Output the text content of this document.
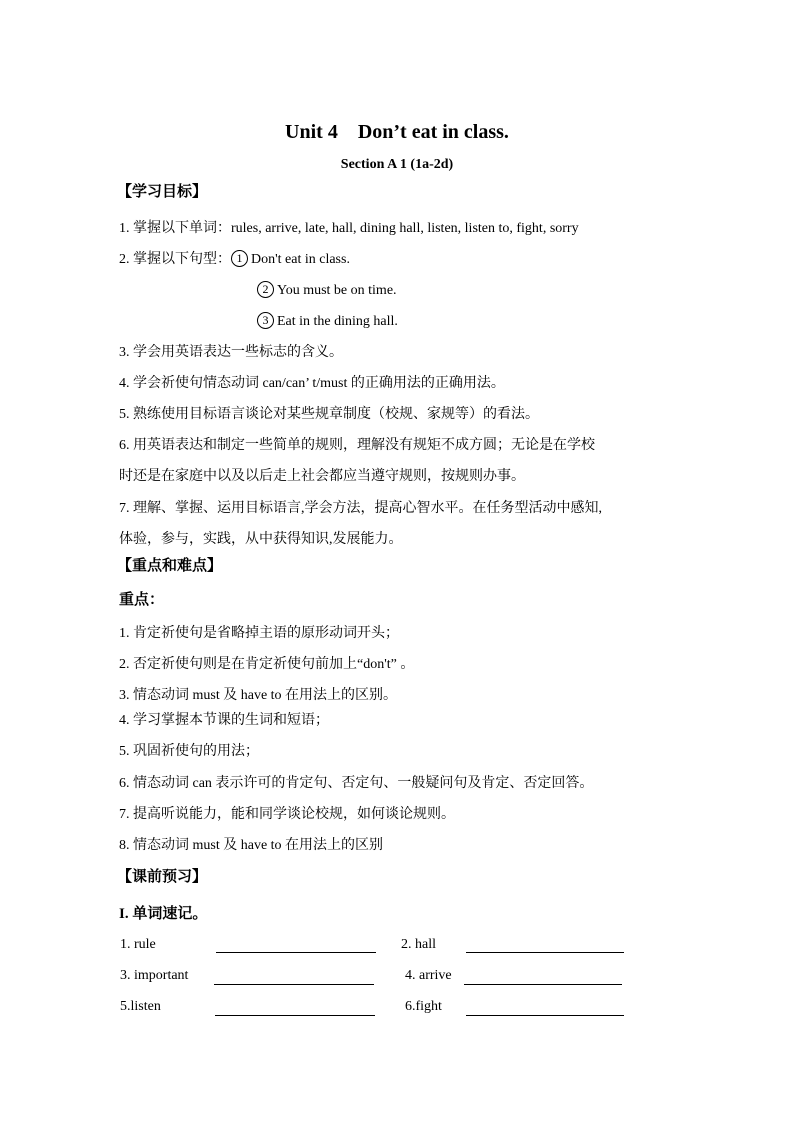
Unit 4    Don’t eat in class.
Section A 1 (1a-2d)
【学习目标】
1. 掌握以下单词：rules, arrive, late, hall, dining hall, listen, listen to, fight, sorry
2. 掌握以下句型： 1 Don't eat in class.
2 You must be on time.
3 Eat in the dining hall.
3. 学会用英语表达一些标志的含义。
4. 学会祈使句情态动词 can/can’ t/must 的正确用法的正确用法。
5. 熟练使用目标语言谈论对某些规章制度（校规、家规等）的看法。
6. 用英语表达和制定一些简单的规则，理解没有规矩不成方圆；无论是在学校
时还是在家庭中以及以后走上社会都应当遵守规则，按规则办事。
7. 理解、掌握、运用目标语言,学会方法，提高心智水平。在任务型活动中感知,
体验，参与，实践，从中获得知识,发展能力。
【重点和难点】
重点：
1. 肯定祈使句是省略掉主语的原形动词开头；
2. 否定祈使句则是在肯定祈使句前加上“don't” 。
3. 情态动词 must 及 have to 在用法上的区别。
4. 学习掌握本节课的生词和短语；
5. 巩固祈使句的用法；
6. 情态动词 can 表示许可的肯定句、否定句、一般疑问句及肯定、否定回答。
7. 提高听说能力，能和同学谈论校规，如何谈论规则。
8. 情态动词 must 及 have to 在用法上的区别
【课前预习】
I. 单词速记。
1. rule	2. hall
3. important	4. arrive
5.listen	6.fight
